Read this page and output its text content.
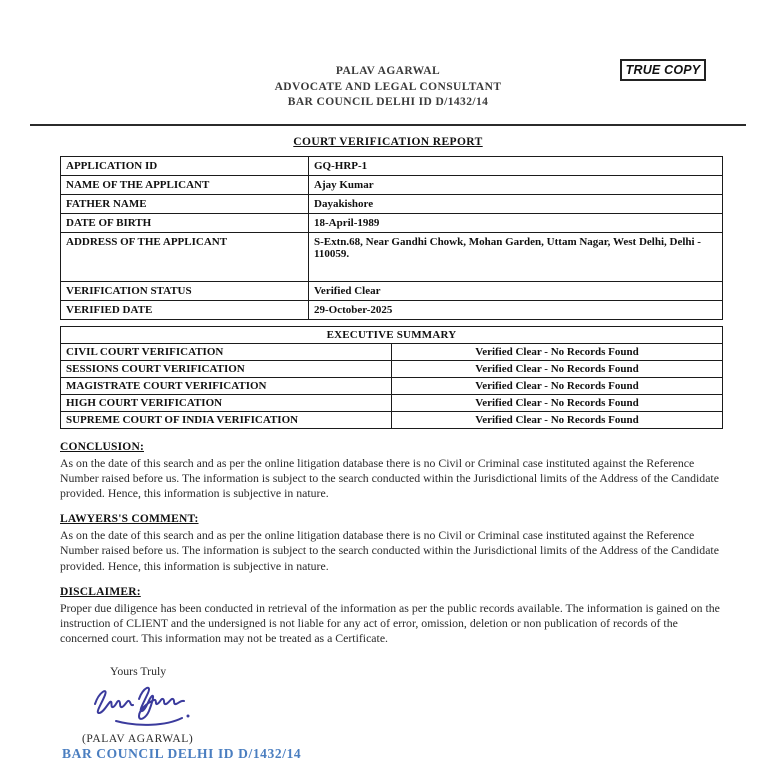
TRUE COPY
PALAV AGARWAL
ADVOCATE AND LEGAL CONSULTANT
BAR COUNCIL DELHI ID D/1432/14
COURT VERIFICATION REPORT
APPLICATION ID	GQ-HRP-1
NAME OF THE APPLICANT	Ajay Kumar
FATHER NAME	Dayakishore
DATE OF BIRTH	18-April-1989
ADDRESS OF THE APPLICANT	S-Extn.68, Near Gandhi Chowk, Mohan Garden, Uttam Nagar, West Delhi, Delhi - 110059.
VERIFICATION STATUS	Verified Clear
VERIFIED DATE	29-October-2025
EXECUTIVE SUMMARY	
CIVIL COURT VERIFICATION	Verified Clear - No Records Found
SESSIONS COURT VERIFICATION	Verified Clear - No Records Found
MAGISTRATE COURT VERIFICATION	Verified Clear - No Records Found
HIGH COURT VERIFICATION	Verified Clear - No Records Found
SUPREME COURT OF INDIA VERIFICATION	Verified Clear - No Records Found
CONCLUSION:
As on the date of this search and as per the online litigation database there is no Civil or Criminal case instituted against the Reference Number raised before us. The information is subject to the search conducted within the Jurisdictional limits of the Address of the Candidate provided. Hence, this information is subjective in nature.
LAWYERS'S COMMENT:
As on the date of this search and as per the online litigation database there is no Civil or Criminal case instituted against the Reference Number raised before us. The information is subject to the search conducted within the Jurisdictional limits of the Address of the Candidate provided. Hence, this information is subjective in nature.
DISCLAIMER:
Proper due diligence has been conducted in retrieval of the information as per the public records available. The information is gained on the instruction of CLIENT and the undersigned is not liable for any act of error, omission, deletion or non publication of records of the concerned court. This information may not be treated as a Certificate.
Yours Truly
(PALAV AGARWAL)
BAR COUNCIL DELHI ID D/1432/14
